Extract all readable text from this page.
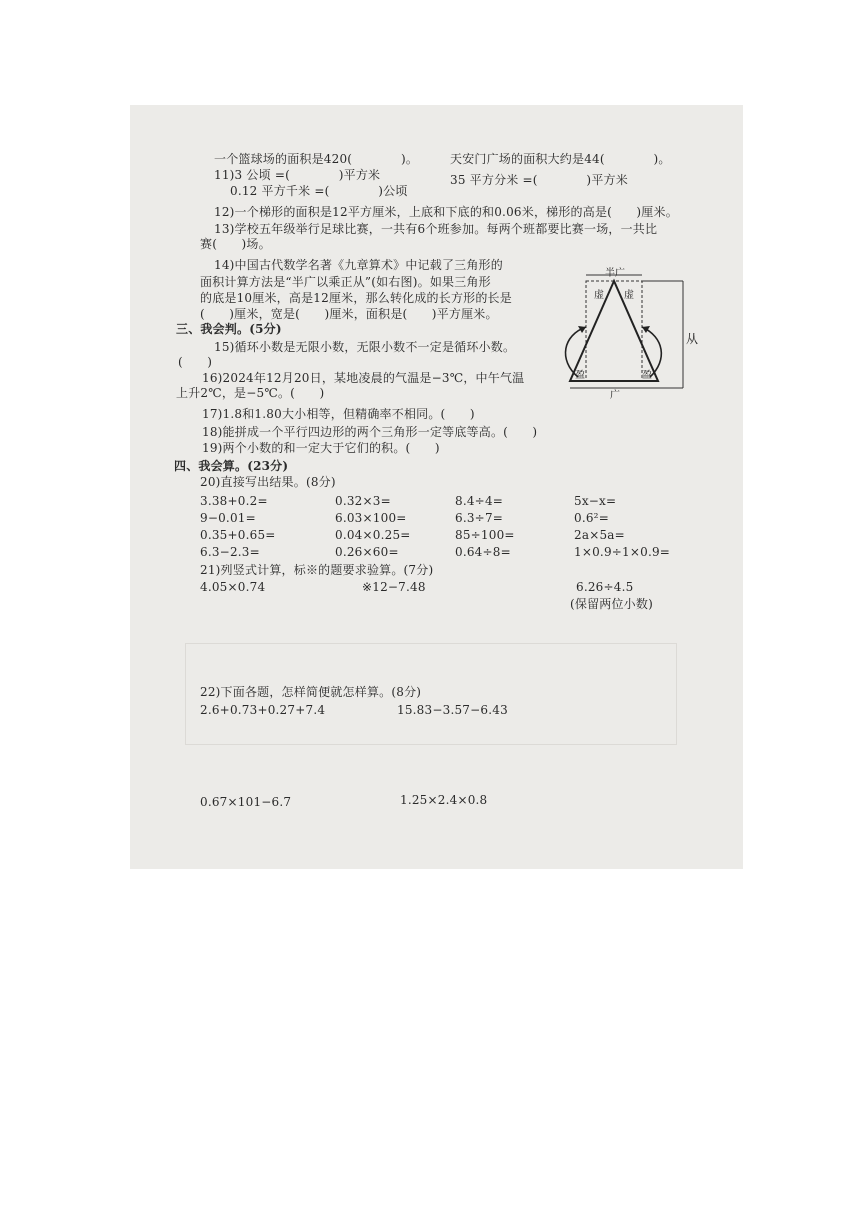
一个篮球场的面积是420(　　　　)。	天安门广场的面积大约是44(　　　　)。
11)3 公顷 =(　　　　)平方米	35 平方分米 =(　　　　)平方米
0.12 平方千米 =(　　　　)公顷
12)一个梯形的面积是12平方厘米，上底和下底的和0.06米，梯形的高是(　　)厘米。
13)学校五年级举行足球比赛，一共有6个班参加。每两个班都要比赛一场，一共比
赛(　　)场。
14)中国古代数学名著《九章算术》中记载了三角形的
面积计算方法是“半广以乘正从”(如右图)。如果三角形
的底是10厘米，高是12厘米，那么转化成的长方形的长是
(　　)厘米，宽是(　　)厘米，面积是(　　)平方厘米。
三、我会判。(5分)
15)循环小数是无限小数，无限小数不一定是循环小数。
(　　)
16)2024年12月20日，某地凌晨的气温是−3℃，中午气温
上升2℃，是−5℃。(　　)
17)1.8和1.80大小相等，但精确率不相同。(　　)
18)能拼成一个平行四边形的两个三角形一定等底等高。(　　)
19)两个小数的和一定大于它们的积。(　　)
四、我会算。(23分)
20)直接写出结果。(8分)
3.38+0.2=	0.32×3=	8.4÷4=	5x−x=
9−0.01=	6.03×100=	6.3÷7=	0.6²=
0.35+0.65=	0.04×0.25=	85÷100=	2a×5a=
6.3−2.3=	0.26×60=	0.64÷8=	1×0.9÷1×0.9=
21)列竖式计算，标※的题要求验算。(7分)
4.05×0.74	※12−7.48	6.26÷4.5
(保留两位小数)
22)下面各题，怎样简便就怎样算。(8分)
2.6+0.73+0.27+7.4	15.83−3.57−6.43
0.67×101−6.7	1.25×2.4×0.8
半广
虚 虚
盈	盈
从
广
